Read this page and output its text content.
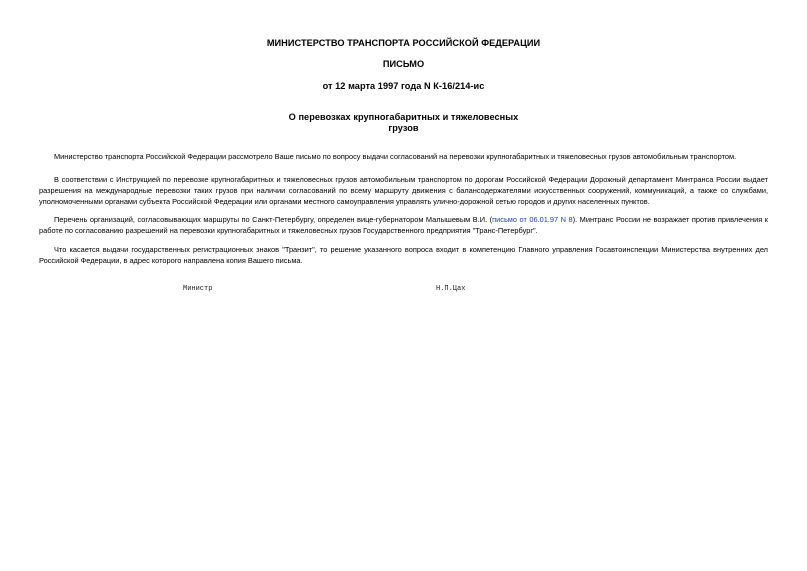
МИНИСТЕРСТВО ТРАНСПОРТА РОССИЙСКОЙ ФЕДЕРАЦИИ
ПИСЬМО
от 12 марта 1997 года N К-16/214-ис
О перевозках крупногабаритных и тяжеловесных
грузов

Министерство транспорта Российской Федерации рассмотрело Ваше письмо по вопросу выдачи согласований на перевозки крупногабаритных и тяжеловесных грузов автомобильным транспортом.

В соответствии с Инструкцией по перевозке крупногабаритных и тяжеловесных грузов автомобильным транспортом по дорогам Российской Федерации Дорожный департамент Минтранса России выдает разрешения на международные перевозки таких грузов при наличии согласований по всему маршруту движения с балансодержателями искусственных сооружений, коммуникаций, а также со службами, уполномоченными органами субъекта Российской Федерации или органами местного самоуправления управлять улично-дорожной сетью городов и других населенных пунктов.

Перечень организаций, согласовывающих маршруты по Санкт-Петербургу, определен вице-губернатором Малышевым В.И. (письмо от 06.01.97 N 8). Минтранс России не возражает против привлечения к работе по согласованию разрешений на перевозки крупногабаритных и тяжеловесных грузов Государственного предприятия "Транс-Петербург".

Что касается выдачи государственных регистрационных знаков "Транзит", то решение указанного вопроса входит в компетенцию Главного управления Госавтоинспекции Министерства внутренних дел Российской Федерации, в адрес которого направлена копия Вашего письма.

Министр	Н.П.Цах
